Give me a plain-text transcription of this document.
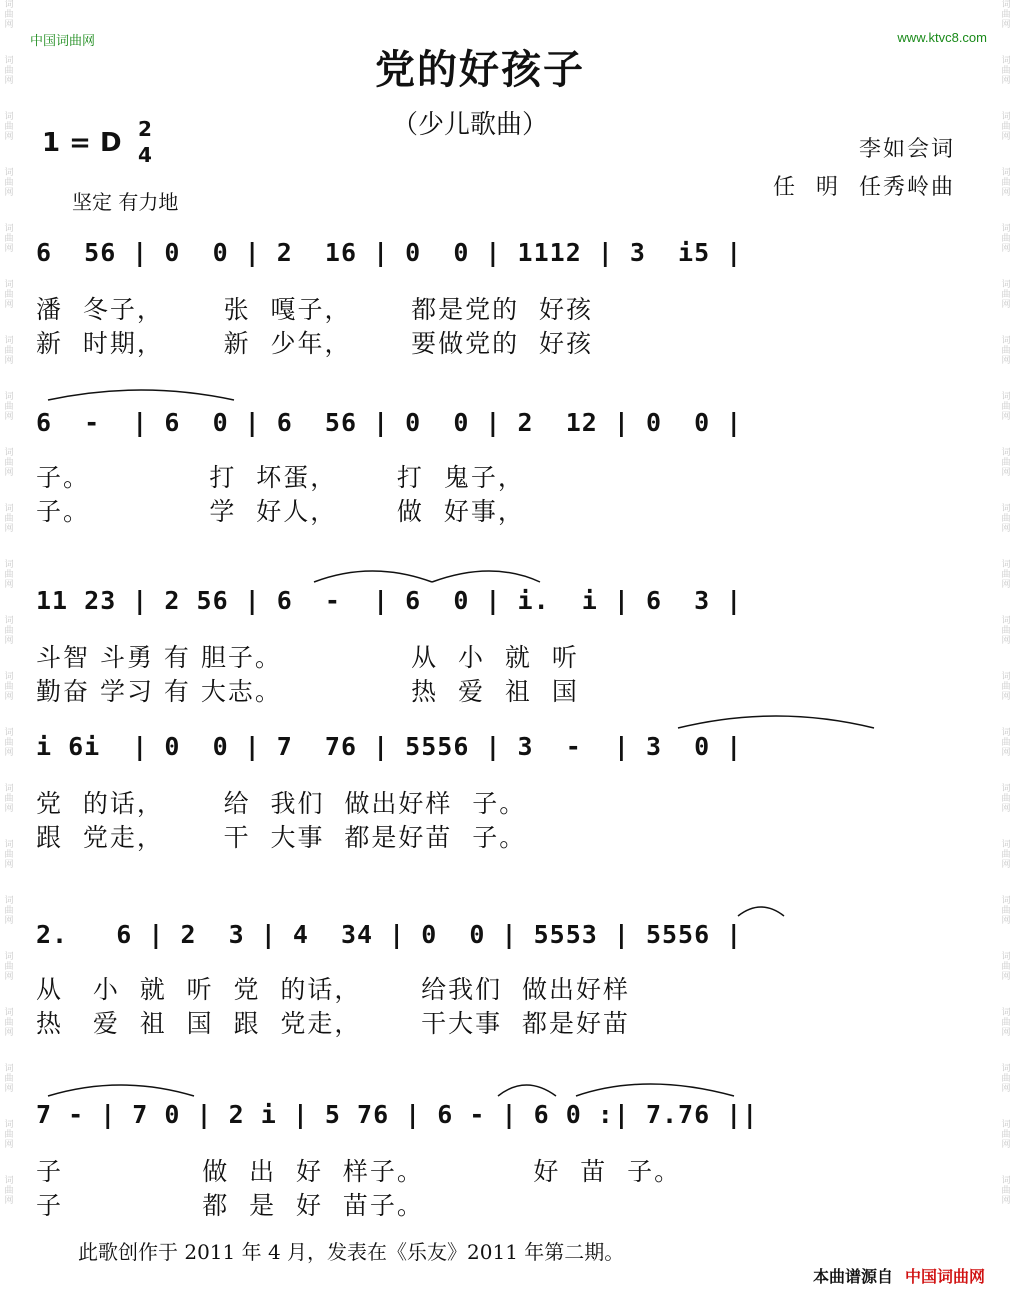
词曲网
词曲网
词曲网
词曲网
词曲网
词曲网
词曲网
词曲网
词曲网
词曲网
词曲网
词曲网
词曲网
词曲网
词曲网
词曲网
词曲网
词曲网
词曲网
词曲网
词曲网
词曲网
词曲网
词曲网
词曲网
词曲网
词曲网
词曲网
词曲网
词曲网
词曲网
词曲网
词曲网
词曲网
词曲网
词曲网
词曲网
词曲网
词曲网
词曲网
词曲网
词曲网
词曲网
词曲网
中国词曲网	www.ktvc8.com
党的好孩子
（少儿歌曲）
1 = D 2
4
坚定 有力地
李如会词
任 明 任秀岭曲
6  56 | 0  0 | 2  16 | 0  0 | 1112 | 3  i5 |
潘  冬子，      张  嘎子，      都是党的  好孩
新  时期，      新  少年，      要做党的  好孩
6  -  | 6  0 | 6  56 | 0  0 | 2  12 | 0  0 |
子。            打  坏蛋，      打  鬼子，
子。            学  好人，      做  好事，
11 23 | 2 56 | 6  -  | 6  0 | i.  i | 6  3 |
斗智 斗勇 有 胆子。             从  小  就  听
勤奋 学习 有 大志。             热  爱  祖  国
i 6i  | 0  0 | 7  76 | 5556 | 3  -  | 3  0 |
党  的话，      给  我们  做出好样  子。
跟  党走，      干  大事  都是好苗  子。
2.   6 | 2  3 | 4  34 | 0  0 | 5553 | 5556 |
从   小  就  听  党  的话，      给我们  做出好样
热   爱  祖  国  跟  党走，      干大事  都是好苗
7 - | 7 0 | 2 i | 5 76 | 6 - | 6 0 :| 7.76 ||
子              做  出  好  样子。           好  苗  子。
子              都  是  好  苗子。
此歌创作于 2011 年 4 月，发表在《乐友》2011 年第二期。
本曲谱源自 中国词曲网
